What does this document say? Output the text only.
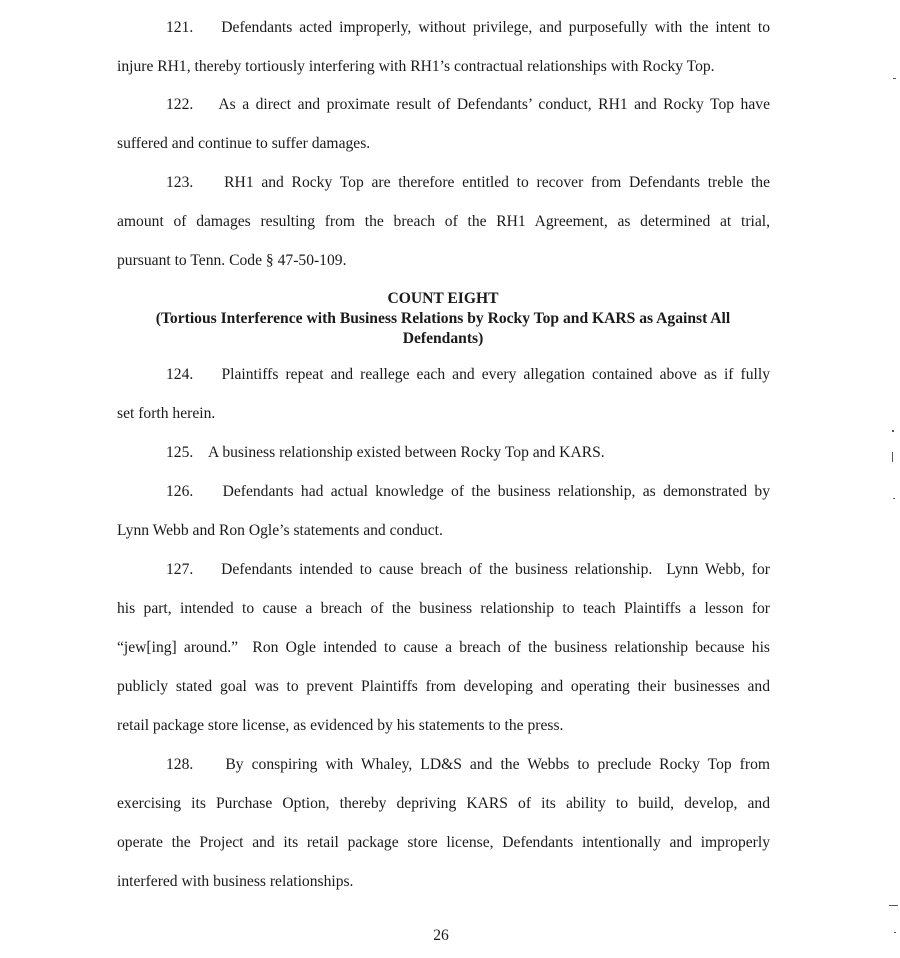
121.    Defendants acted improperly, without privilege, and purposefully with the intent to
injure RH1, thereby tortiously interfering with RH1’s contractual relationships with Rocky Top.
122.    As a direct and proximate result of Defendants’ conduct, RH1 and Rocky Top have
suffered and continue to suffer damages.
123.    RH1 and Rocky Top are therefore entitled to recover from Defendants treble the
amount of damages resulting from the breach of the RH1 Agreement, as determined at trial,
pursuant to Tenn. Code § 47-50-109.
COUNT EIGHT
(Tortious Interference with Business Relations by Rocky Top and KARS as Against All
Defendants)
124.    Plaintiffs repeat and reallege each and every allegation contained above as if fully
set forth herein.
125.    A business relationship existed between Rocky Top and KARS.
126.    Defendants had actual knowledge of the business relationship, as demonstrated by
Lynn Webb and Ron Ogle’s statements and conduct.
127.    Defendants intended to cause breach of the business relationship.  Lynn Webb, for
his part, intended to cause a breach of the business relationship to teach Plaintiffs a lesson for
“jew[ing] around.”  Ron Ogle intended to cause a breach of the business relationship because his
publicly stated goal was to prevent Plaintiffs from developing and operating their businesses and
retail package store license, as evidenced by his statements to the press.
128.    By conspiring with Whaley, LD&S and the Webbs to preclude Rocky Top from
exercising its Purchase Option, thereby depriving KARS of its ability to build, develop, and
operate the Project and its retail package store license, Defendants intentionally and improperly
interfered with business relationships.
26
